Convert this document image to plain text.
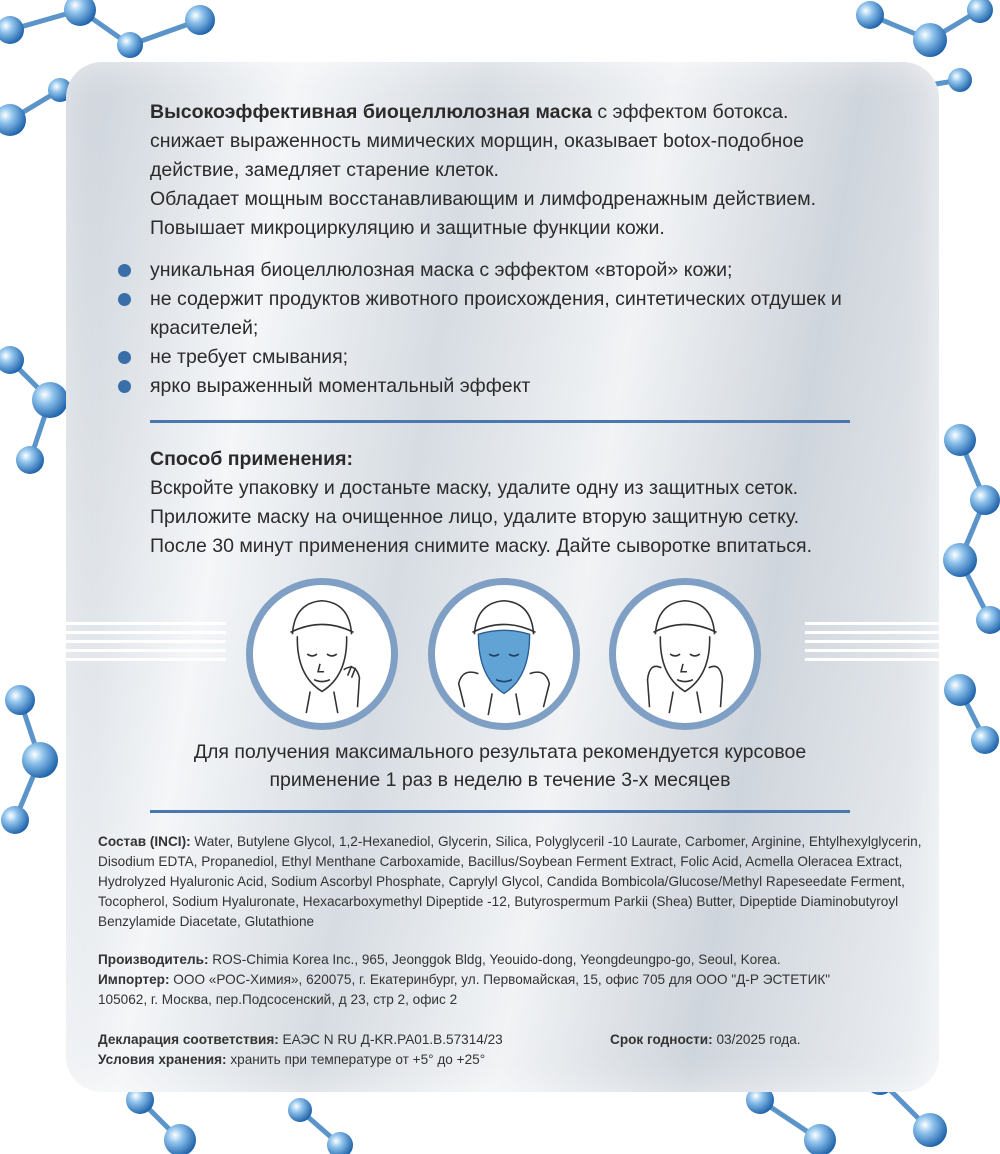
Высокоэффективная биоцеллюлозная маска с эффектом ботокса.

снижает выраженность мимических морщин, оказывает botox-подобное

действие, замедляет старение клеток.

Обладает мощным восстанавливающим и лимфодренажным действием.

Повышает микроциркуляцию и защитные функции кожи.

уникальная биоцеллюлозная маска с эффектом «второй» кожи;
не содержит продуктов животного происхождения, синтетических отдушек и красителей;
не требует смывания;
ярко выраженный моментальный эффект
Способ применения:

Вскройте упаковку и достаньте маску, удалите одну из защитных сеток.

Приложите маску на очищенное лицо, удалите вторую защитную сетку.

После 30 минут применения снимите маску. Дайте сыворотке впитаться.

Для получения максимального результата рекомендуется курсовое

применение 1 раз в неделю в течение 3-х месяцев

Состав (INCI): Water, Butylene Glycol, 1,2-Hexanediol, Glycerin, Silica, Polyglyceril -10 Laurate, Carbomer, Arginine, Ehtylhexylglycerin, Disodium EDTA, Propanediol, Ethyl Menthane Carboxamide, Bacillus/Soybean Ferment Extract, Folic Acid, Acmella Oleracea Extract, Hydrolyzed Hyaluronic Acid, Sodium Ascorbyl Phosphate, Caprylyl Glycol, Candida Bombicola/Glucose/Methyl Rapeseedate Ferment, Tocopherol, Sodium Hyaluronate, Hexacarboxymethyl Dipeptide -12, Butyrospermum Parkii (Shea) Butter, Dipeptide Diaminobutyroyl Benzylamide Diacetate, Glutathione

Производитель: ROS-Chimia Korea Inc., 965, Jeonggok Bldg, Yeouido-dong, Yeongdeungpo-go, Seoul, Korea.

Импортер: ООО «РОС-Химия», 620075, г. Екатеринбург, ул. Первомайская, 15, офис 705 для ООО "Д-Р ЭСТЕТИК"

105062, г. Москва, пер.Подсосенский, д 23, стр 2, офис 2

Декларация соответствия: ЕАЭС N RU Д-KR.PA01.B.57314/23

Условия хранения: хранить при температуре от +5° до +25°

Срок годности: 03/2025 года.
